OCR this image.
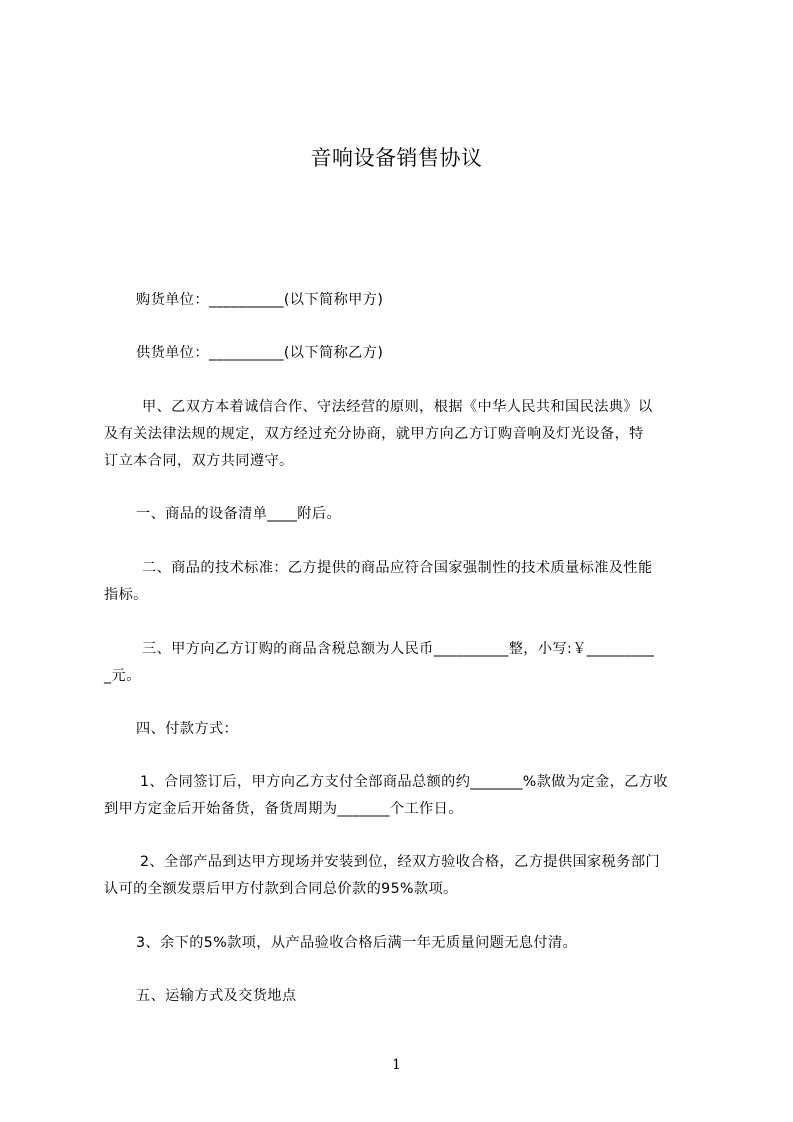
音响设备销售协议
购货单位：__________(以下简称甲方)
供货单位：__________(以下简称乙方)
甲、乙双方本着诚信合作、守法经营的原则，根据《中华人民共和国民法典》以
及有关法律法规的规定，双方经过充分协商，就甲方向乙方订购音响及灯光设备，特
订立本合同，双方共同遵守。
一、商品的设备清单____附后。
二、商品的技术标准：乙方提供的商品应符合国家强制性的技术质量标准及性能
指标。
三、甲方向乙方订购的商品含税总额为人民币__________整，小写:￥_________
_元。
四、付款方式：
1、合同签订后，甲方向乙方支付全部商品总额的约_______%款做为定金，乙方收
到甲方定金后开始备货，备货周期为_______个工作日。
2、全部产品到达甲方现场并安装到位，经双方验收合格，乙方提供国家税务部门
认可的全额发票后甲方付款到合同总价款的95%款项。
3、余下的5%款项，从产品验收合格后满一年无质量问题无息付清。
五、运输方式及交货地点
1
